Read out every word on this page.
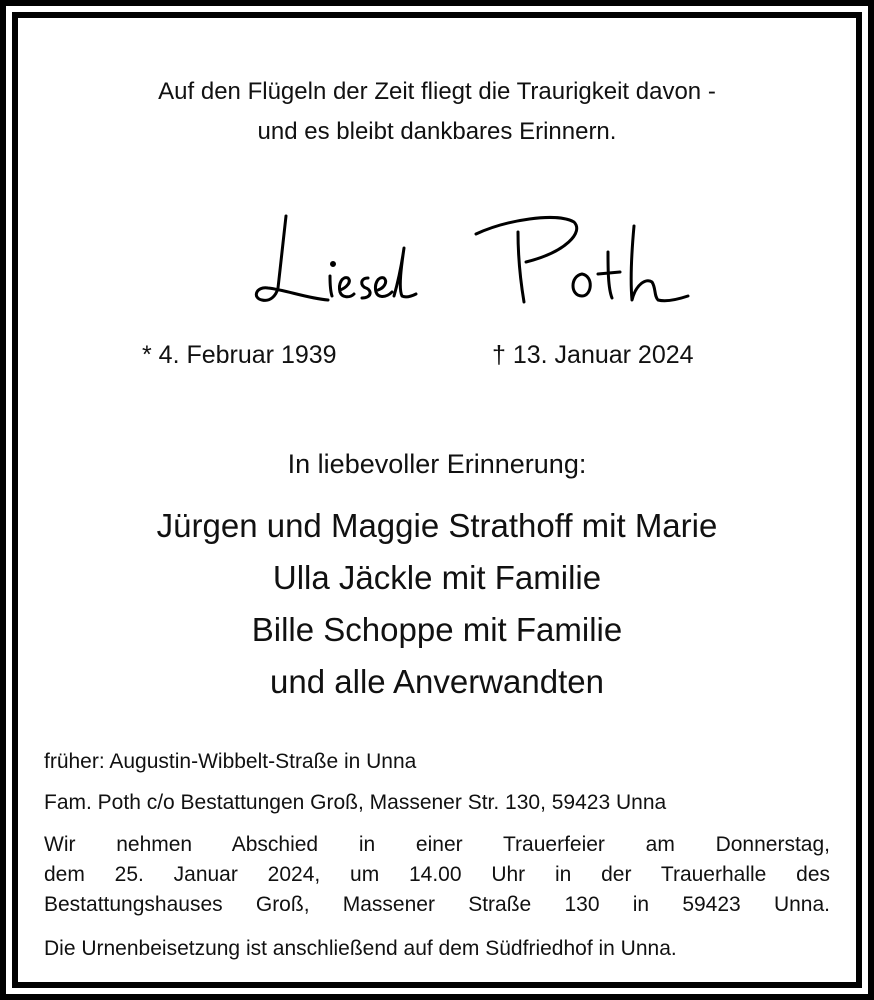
Auf den Flügeln der Zeit fliegt die Traurigkeit davon -
und es bleibt dankbares Erinnern.
* 4. Februar 1939	† 13. Januar 2024
In liebevoller Erinnerung:
Jürgen und Maggie Strathoff mit Marie
Ulla Jäckle mit Familie
Bille Schoppe mit Familie
und alle Anverwandten
früher: Augustin-Wibbelt-Straße in Unna
Fam. Poth c/o Bestattungen Groß, Massener Str. 130, 59423 Unna
Wir nehmen Abschied in einer Trauerfeier am Donnerstag,
dem 25. Januar 2024, um 14.00 Uhr in der Trauerhalle des
Bestattungshauses Groß, Massener Straße 130 in 59423 Unna.
Die Urnenbeisetzung ist anschließend auf dem Südfriedhof in Unna.
